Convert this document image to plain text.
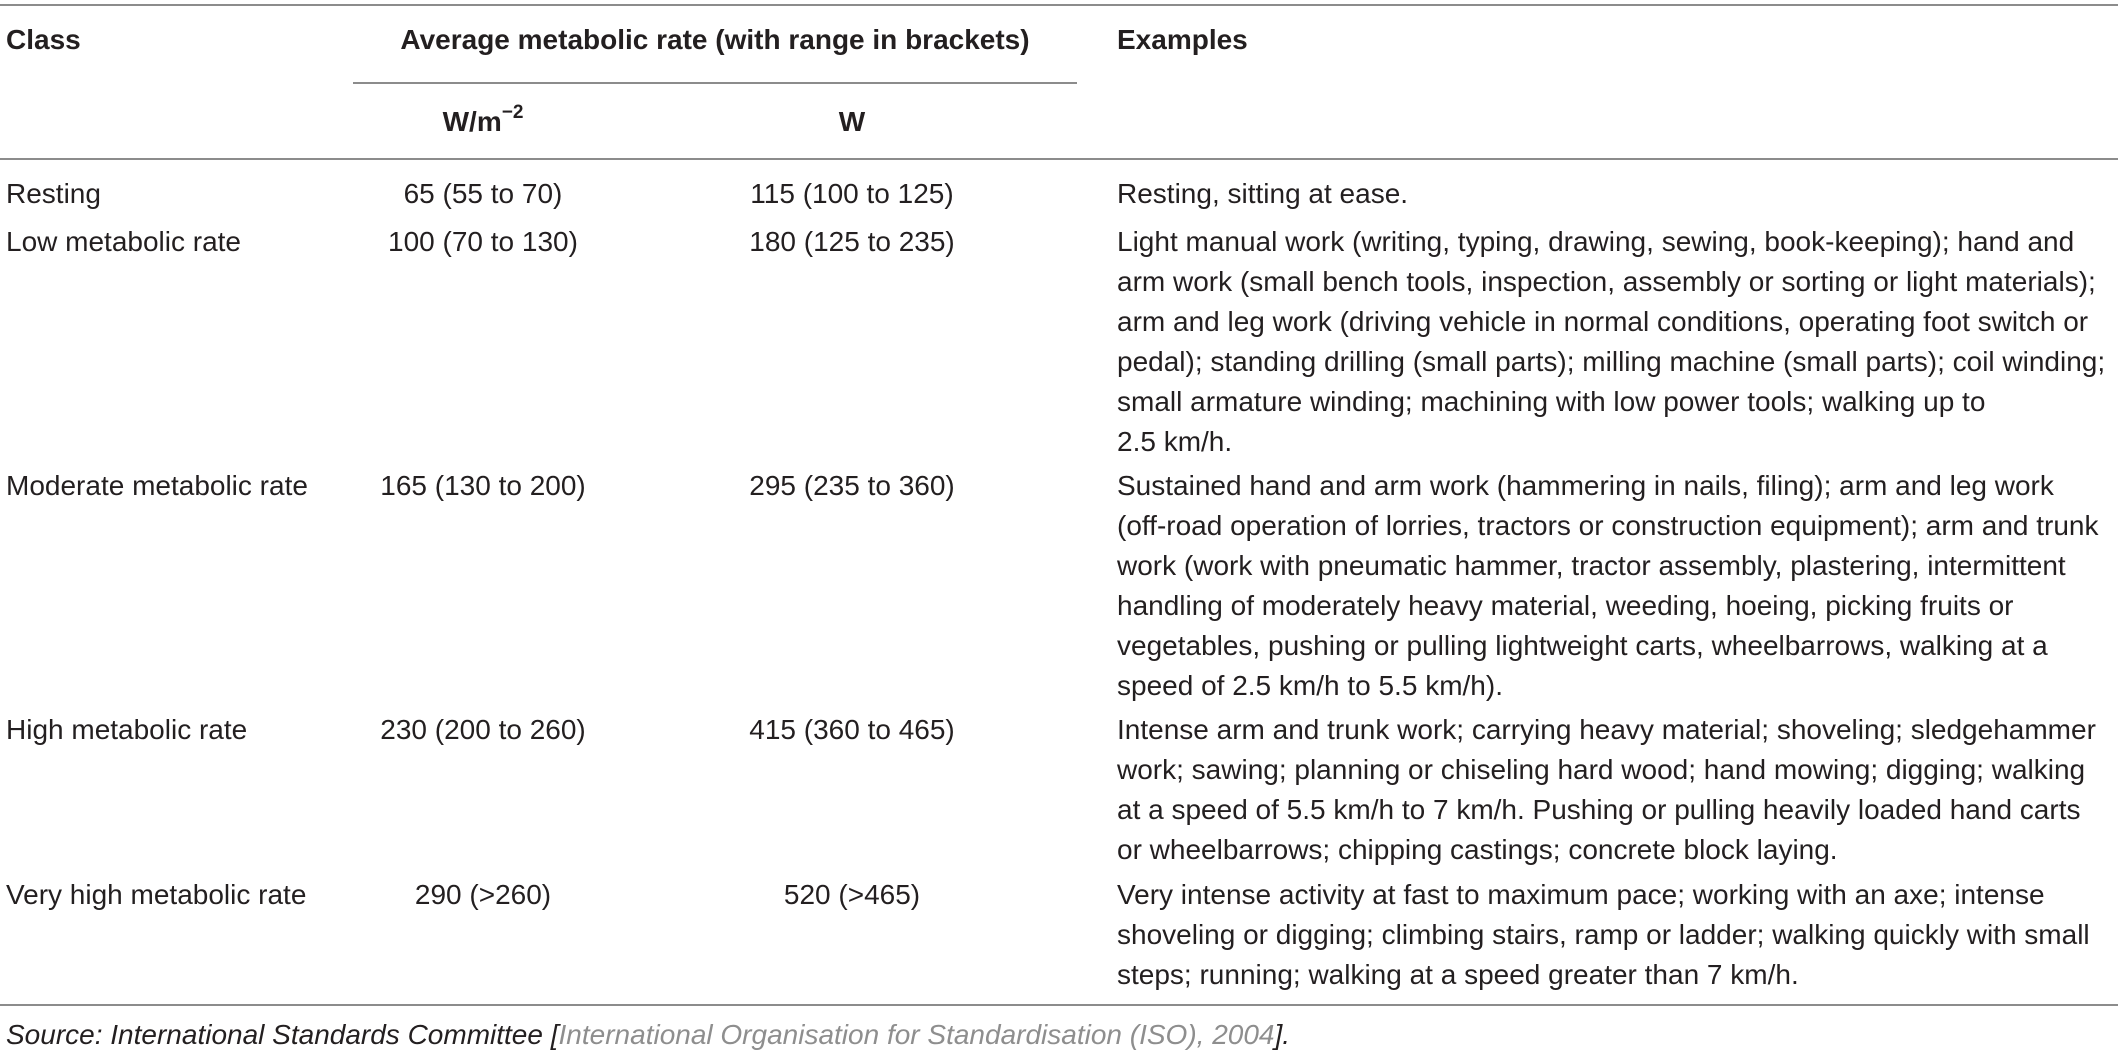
Class	Average metabolic rate (with range in brackets)	Examples
$W/m^{-2}$	W
Resting	65 (55 to 70)	115 (100 to 125)	Resting, sitting at ease.
Low metabolic rate	100 (70 to 130)	180 (125 to 235)	Light manual work (writing, typing, drawing, sewing, book-keeping); hand and
arm work (small bench tools, inspection, assembly or sorting or light materials);
arm and leg work (driving vehicle in normal conditions, operating foot switch or
pedal); standing drilling (small parts); milling machine (small parts); coil winding;
small armature winding; machining with low power tools; walking up to
2.5 km/h.
Moderate metabolic rate	165 (130 to 200)	295 (235 to 360)	Sustained hand and arm work (hammering in nails, filing); arm and leg work
(off-road operation of lorries, tractors or construction equipment); arm and trunk
work (work with pneumatic hammer, tractor assembly, plastering, intermittent
handling of moderately heavy material, weeding, hoeing, picking fruits or
vegetables, pushing or pulling lightweight carts, wheelbarrows, walking at a
speed of 2.5 km/h to 5.5 km/h).
High metabolic rate	230 (200 to 260)	415 (360 to 465)	Intense arm and trunk work; carrying heavy material; shoveling; sledgehammer
work; sawing; planning or chiseling hard wood; hand mowing; digging; walking
at a speed of 5.5 km/h to 7 km/h. Pushing or pulling heavily loaded hand carts
or wheelbarrows; chipping castings; concrete block laying.
Very high metabolic rate	290 (>260)	520 (>465)	Very intense activity at fast to maximum pace; working with an axe; intense
shoveling or digging; climbing stairs, ramp or ladder; walking quickly with small
steps; running; walking at a speed greater than 7 km/h.
Source: International Standards Committee [International Organisation for Standardisation (ISO), 2004].
